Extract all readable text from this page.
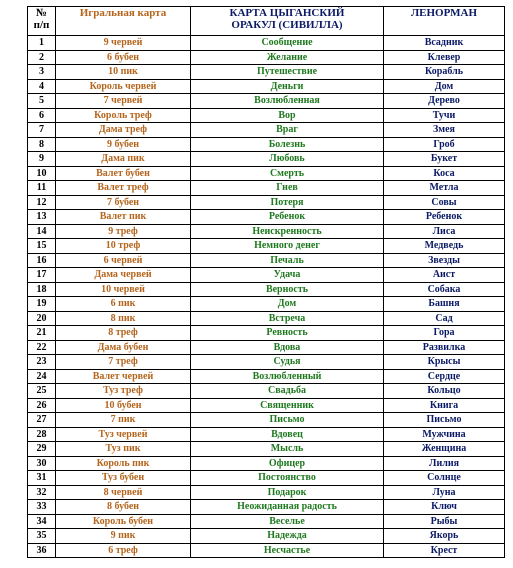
№ п/п	Игральная карта	КАРТА ЦЫГАНСКИЙ
ОРАКУЛ (СИВИЛЛА)	ЛЕНОРМАН
1	9 червей	Сообщение	Всадник
2	6 бубен	Желание	Клевер
3	10 пик	Путешествие	Корабль
4	Король червей	Деньги	Дом
5	7 червей	Возлюбленная	Дерево
6	Король треф	Вор	Тучи
7	Дама треф	Враг	Змея
8	9 бубен	Болезнь	Гроб
9	Дама пик	Любовь	Букет
10	Валет бубен	Смерть	Коса
11	Валет треф	Гнев	Метла
12	7 бубен	Потеря	Совы
13	Валет пик	Ребенок	Ребенок
14	9 треф	Неискренность	Лиса
15	10 треф	Немного денег	Медведь
16	6 червей	Печаль	Звезды
17	Дама червей	Удача	Аист
18	10 червей	Верность	Собака
19	6 пик	Дом	Башня
20	8 пик	Встреча	Сад
21	8 треф	Ревность	Гора
22	Дама бубен	Вдова	Развилка
23	7 треф	Судья	Крысы
24	Валет червей	Возлюбленный	Сердце
25	Туз треф	Свадьба	Кольцо
26	10 бубен	Священник	Книга
27	7 пик	Письмо	Письмо
28	Туз червей	Вдовец	Мужчина
29	Туз пик	Мысль	Женщина
30	Король пик	Офицер	Лилия
31	Туз бубен	Постоянство	Солнце
32	8 червей	Подарок	Луна
33	8 бубен	Неожиданная радость	Ключ
34	Король бубен	Веселье	Рыбы
35	9 пик	Надежда	Якорь
36	6 треф	Несчастье	Крест
